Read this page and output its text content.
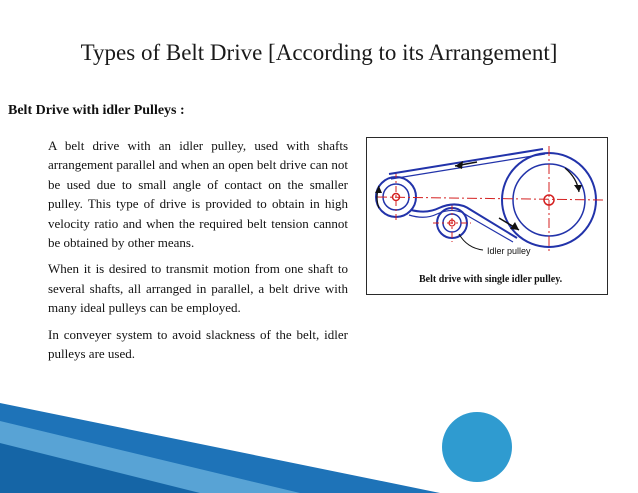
Types of Belt Drive [According to its Arrangement]
Belt Drive with idler Pulleys :

A belt drive with an idler pulley, used with shafts arrangement parallel and when an open belt drive can not be used due to small angle of contact on the smaller pulley. This type of drive is provided to obtain in high velocity ratio and when the required belt tension cannot be obtained by other means.

When it is desired to transmit motion from one shaft to several shafts, all arranged in parallel, a belt drive with many ideal pulleys can be employed.

In conveyer system to avoid slackness of the belt, idler pulleys are used.

Idler pulley
Belt drive with single idler pulley.
